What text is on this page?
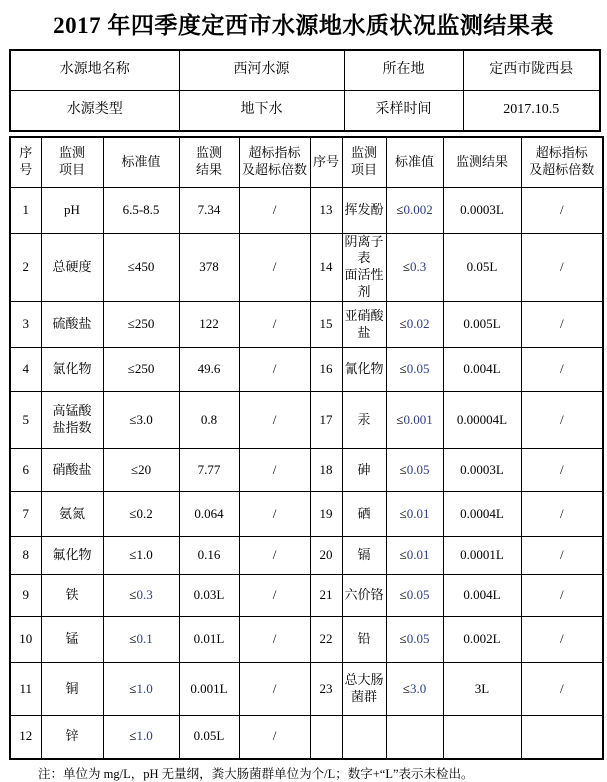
2017 年四季度定西市水源地水质状况监测结果表
水源地名称	西河水源	所在地	定西市陇西县
水源类型	地下水	采样时间	2017.10.5
序号	监测
项目	标准值	监测
结果	超标指标
及超标倍数	序号	监测
项目	标准值	监测结果	超标指标
及超标倍数
1	pH	6.5-8.5	7.34	/	13	挥发酚	≤0.002	0.0003L	/
2	总硬度	≤450	378	/	14	阴离子表
面活性剂	≤0.3	0.05L	/
3	硫酸盐	≤250	122	/	15	亚硝酸盐	≤0.02	0.005L	/
4	氯化物	≤250	49.6	/	16	氰化物	≤0.05	0.004L	/
5	高锰酸
盐指数	≤3.0	0.8	/	17	汞	≤0.001	0.00004L	/
6	硝酸盐	≤20	7.77	/	18	砷	≤0.05	0.0003L	/
7	氨氮	≤0.2	0.064	/	19	硒	≤0.01	0.0004L	/
8	氟化物	≤1.0	0.16	/	20	镉	≤0.01	0.0001L	/
9	铁	≤0.3	0.03L	/	21	六价铬	≤0.05	0.004L	/
10	锰	≤0.1	0.01L	/	22	铅	≤0.05	0.002L	/
11	铜	≤1.0	0.001L	/	23	总大肠
菌群	≤3.0	3L	/
12	锌	≤1.0	0.05L	/					
注：单位为 mg/L，pH 无量纲，粪大肠菌群单位为个/L；数字+“L”表示未检出。
